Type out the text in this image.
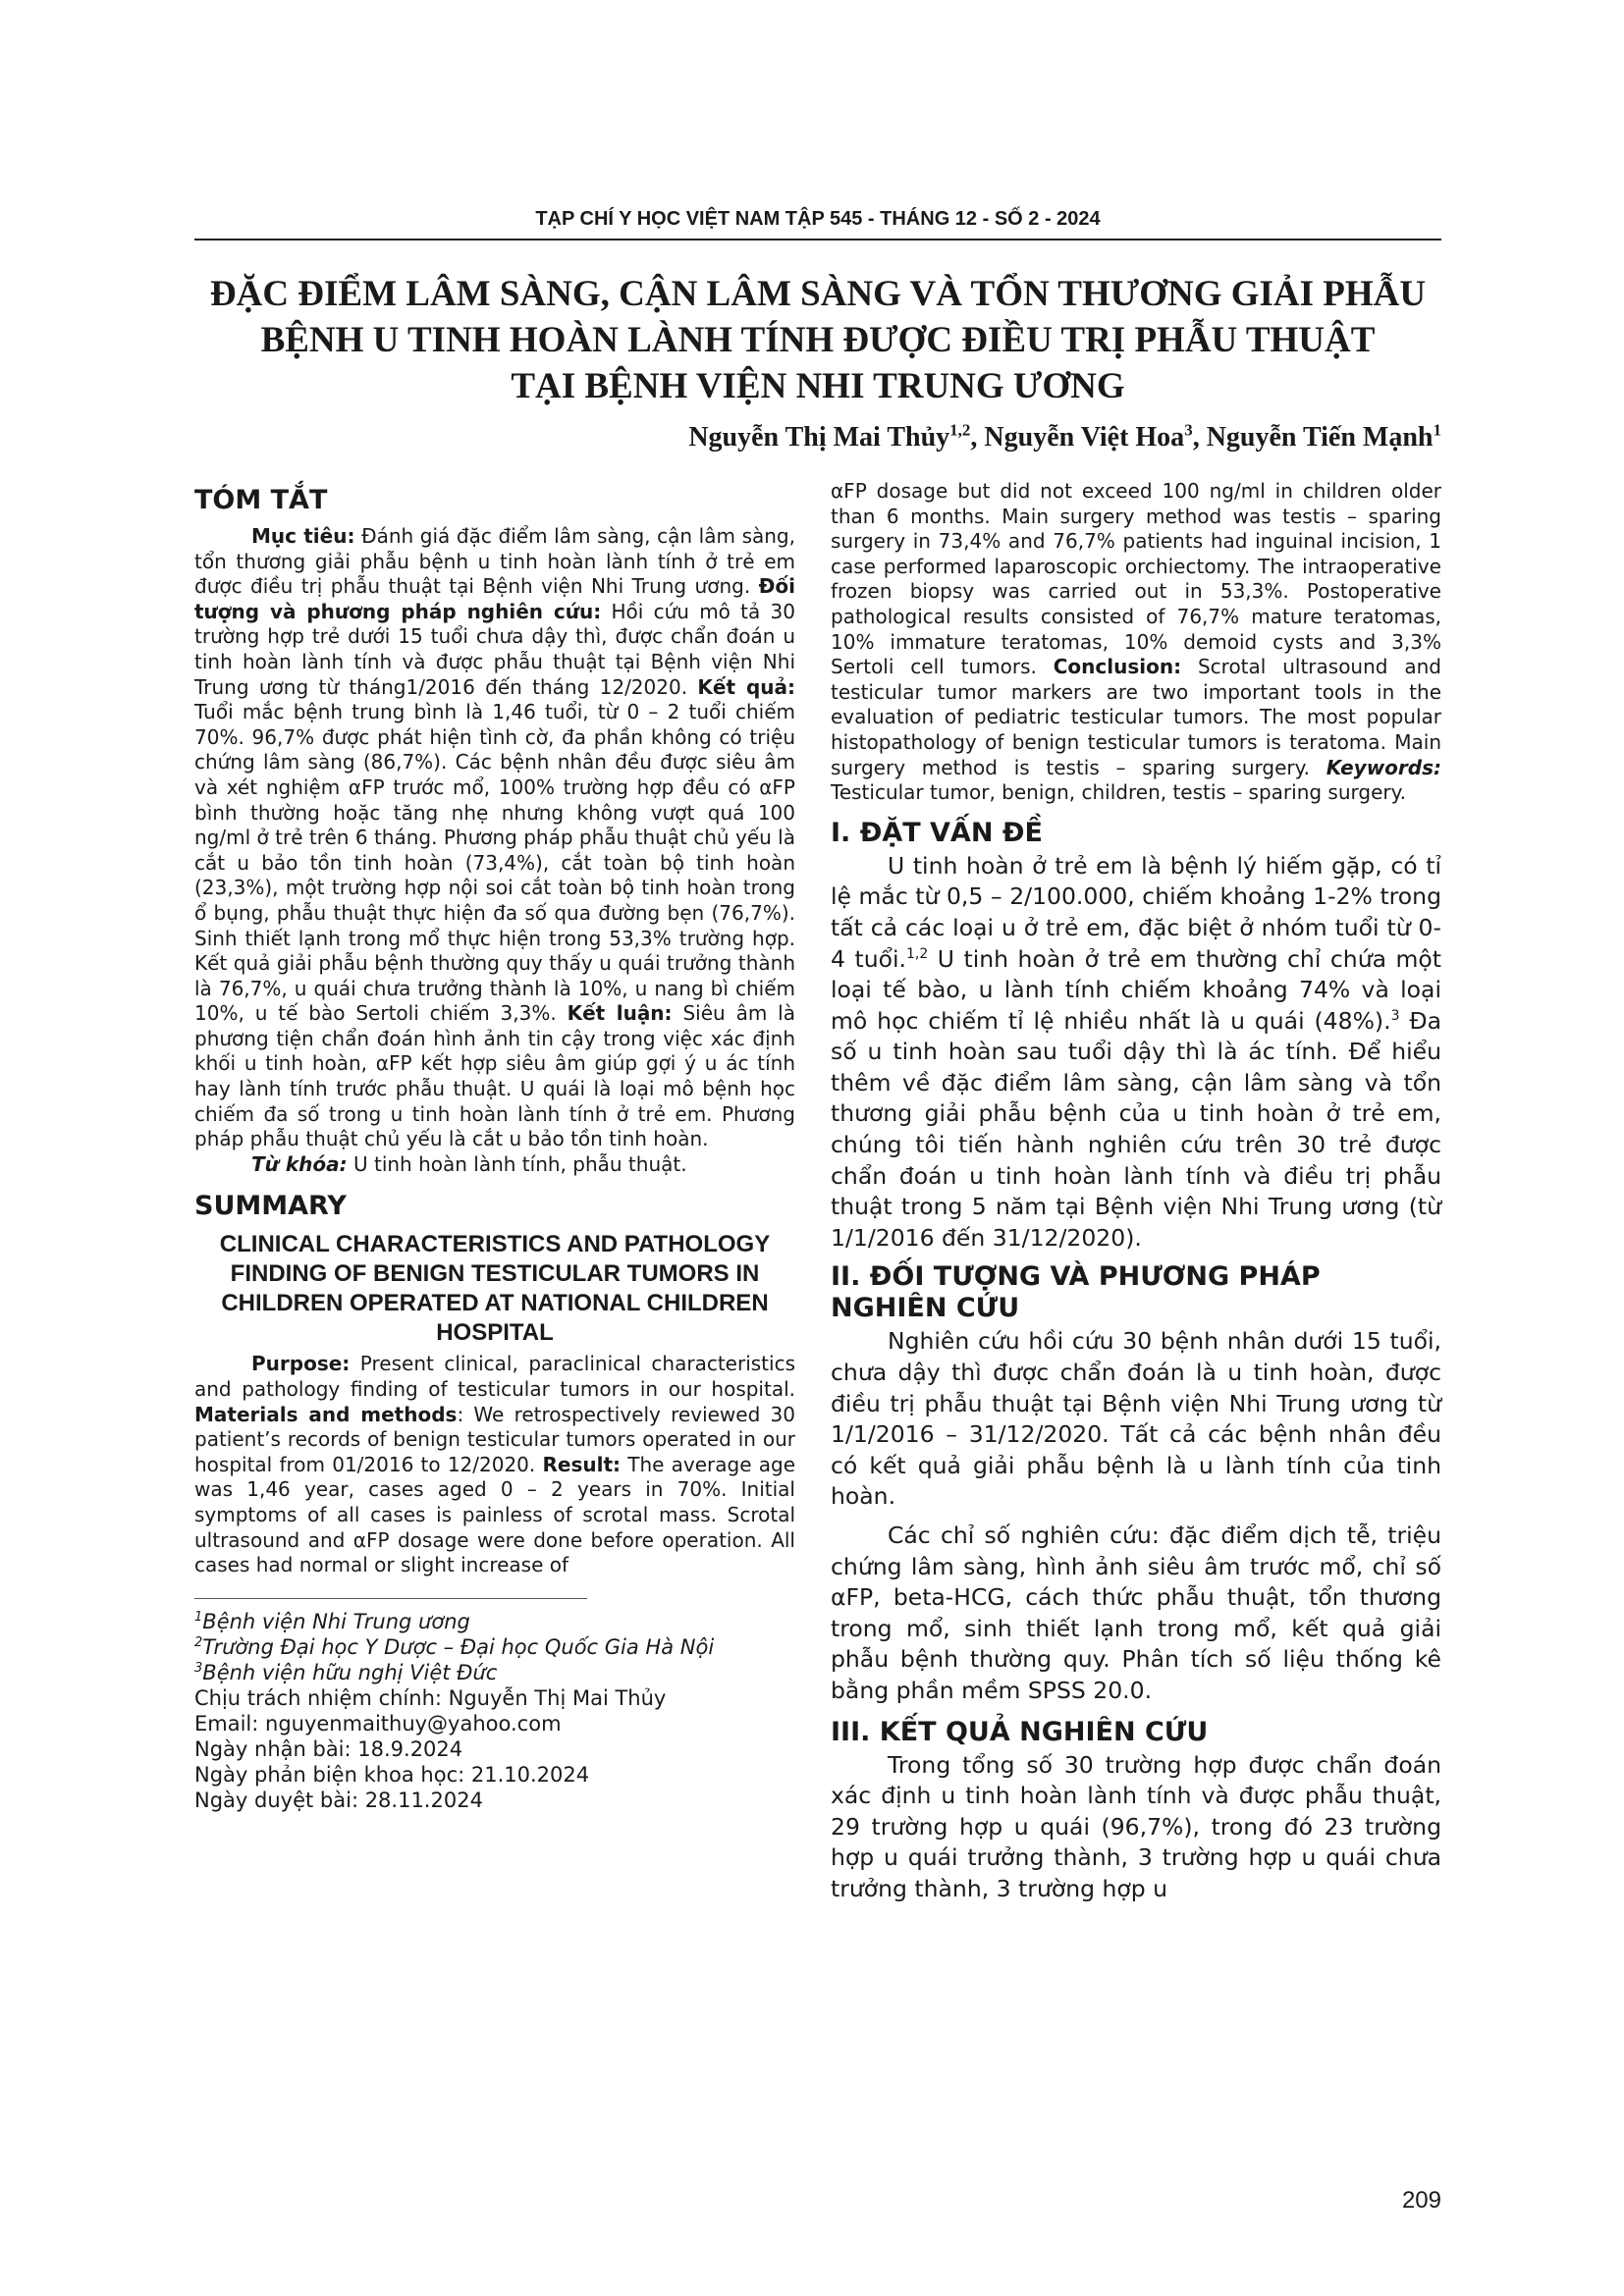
TẠP CHÍ Y HỌC VIỆT NAM TẬP 545 - THÁNG 12 - SỐ 2 - 2024
ĐẶC ĐIỂM LÂM SÀNG, CẬN LÂM SÀNG VÀ TỔN THƯƠNG GIẢI PHẪU
BỆNH U TINH HOÀN LÀNH TÍNH ĐƯỢC ĐIỀU TRỊ PHẪU THUẬT
TẠI BỆNH VIỆN NHI TRUNG ƯƠNG
Nguyễn Thị Mai Thủy$^{1,2}$, Nguyễn Việt Hoa$^3$, Nguyễn Tiến Mạnh$^1$
TÓM TẮT

Mục tiêu: Đánh giá đặc điểm lâm sàng, cận lâm sàng, tổn thương giải phẫu bệnh u tinh hoàn lành tính ở trẻ em được điều trị phẫu thuật tại Bệnh viện Nhi Trung ương. Đối tượng và phương pháp nghiên cứu: Hồi cứu mô tả 30 trường hợp trẻ dưới 15 tuổi chưa dậy thì, được chẩn đoán u tinh hoàn lành tính và được phẫu thuật tại Bệnh viện Nhi Trung ương từ tháng1/2016 đến tháng 12/2020. Kết quả: Tuổi mắc bệnh trung bình là 1,46 tuổi, từ 0 – 2 tuổi chiếm 70%. 96,7% được phát hiện tình cờ, đa phần không có triệu chứng lâm sàng (86,7%). Các bệnh nhân đều được siêu âm và xét nghiệm αFP trước mổ, 100% trường hợp đều có αFP bình thường hoặc tăng nhẹ nhưng không vượt quá 100 ng/ml ở trẻ trên 6 tháng. Phương pháp phẫu thuật chủ yếu là cắt u bảo tồn tinh hoàn (73,4%), cắt toàn bộ tinh hoàn (23,3%), một trường hợp nội soi cắt toàn bộ tinh hoàn trong ổ bụng, phẫu thuật thực hiện đa số qua đường bẹn (76,7%). Sinh thiết lạnh trong mổ thực hiện trong 53,3% trường hợp. Kết quả giải phẫu bệnh thường quy thấy u quái trưởng thành là 76,7%, u quái chưa trưởng thành là 10%, u nang bì chiếm 10%, u tế bào Sertoli chiếm 3,3%. Kết luận: Siêu âm là phương tiện chẩn đoán hình ảnh tin cậy trong việc xác định khối u tinh hoàn, αFP kết hợp siêu âm giúp gợi ý u ác tính hay lành tính trước phẫu thuật. U quái là loại mô bệnh học chiếm đa số trong u tinh hoàn lành tính ở trẻ em. Phương pháp phẫu thuật chủ yếu là cắt u bảo tồn tinh hoàn.

Từ khóa: U tinh hoàn lành tính, phẫu thuật.

SUMMARY
CLINICAL CHARACTERISTICS AND PATHOLOGY FINDING OF BENIGN TESTICULAR TUMORS IN CHILDREN OPERATED AT NATIONAL CHILDREN HOSPITAL

Purpose: Present clinical, paraclinical characteristics and pathology finding of testicular tumors in our hospital. Materials and methods: We retrospectively reviewed 30 patient’s records of benign testicular tumors operated in our hospital from 01/2016 to 12/2020. Result: The average age was 1,46 year, cases aged 0 – 2 years in 70%. Initial symptoms of all cases is painless of scrotal mass. Scrotal ultrasound and αFP dosage were done before operation. All cases had normal or slight increase of

$^1$Bệnh viện Nhi Trung ương

$^2$Trường Đại học Y Dược – Đại học Quốc Gia Hà Nội

$^3$Bệnh viện hữu nghị Việt Đức

Chịu trách nhiệm chính: Nguyễn Thị Mai Thủy

Email: nguyenmaithuy@yahoo.com

Ngày nhận bài: 18.9.2024

Ngày phản biện khoa học: 21.10.2024

Ngày duyệt bài: 28.11.2024

αFP dosage but did not exceed 100 ng/ml in children older than 6 months. Main surgery method was testis – sparing surgery in 73,4% and 76,7% patients had inguinal incision, 1 case performed laparoscopic orchiectomy. The intraoperative frozen biopsy was carried out in 53,3%. Postoperative pathological results consisted of 76,7% mature teratomas, 10% immature teratomas, 10% demoid cysts and 3,3% Sertoli cell tumors. Conclusion: Scrotal ultrasound and testicular tumor markers are two important tools in the evaluation of pediatric testicular tumors. The most popular histopathology of benign testicular tumors is teratoma. Main surgery method is testis – sparing surgery. Keywords: Testicular tumor, benign, children, testis – sparing surgery.

I. ĐẶT VẤN ĐỀ

U tinh hoàn ở trẻ em là bệnh lý hiếm gặp, có tỉ lệ mắc từ 0,5 – 2/100.000, chiếm khoảng 1-2% trong tất cả các loại u ở trẻ em, đặc biệt ở nhóm tuổi từ 0-4 tuổi.$^{1,2}$ U tinh hoàn ở trẻ em thường chỉ chứa một loại tế bào, u lành tính chiếm khoảng 74% và loại mô học chiếm tỉ lệ nhiều nhất là u quái (48%).$^3$ Đa số u tinh hoàn sau tuổi dậy thì là ác tính. Để hiểu thêm về đặc điểm lâm sàng, cận lâm sàng và tổn thương giải phẫu bệnh của u tinh hoàn ở trẻ em, chúng tôi tiến hành nghiên cứu trên 30 trẻ được chẩn đoán u tinh hoàn lành tính và điều trị phẫu thuật trong 5 năm tại Bệnh viện Nhi Trung ương (từ 1/1/2016 đến 31/12/2020).

II. ĐỐI TƯỢNG VÀ PHƯƠNG PHÁP NGHIÊN CỨU

Nghiên cứu hồi cứu 30 bệnh nhân dưới 15 tuổi, chưa dậy thì được chẩn đoán là u tinh hoàn, được điều trị phẫu thuật tại Bệnh viện Nhi Trung ương từ 1/1/2016 – 31/12/2020. Tất cả các bệnh nhân đều có kết quả giải phẫu bệnh là u lành tính của tinh hoàn.

Các chỉ số nghiên cứu: đặc điểm dịch tễ, triệu chứng lâm sàng, hình ảnh siêu âm trước mổ, chỉ số αFP, beta-HCG, cách thức phẫu thuật, tổn thương trong mổ, sinh thiết lạnh trong mổ, kết quả giải phẫu bệnh thường quy. Phân tích số liệu thống kê bằng phần mềm SPSS 20.0.

III. KẾT QUẢ NGHIÊN CỨU

Trong tổng số 30 trường hợp được chẩn đoán xác định u tinh hoàn lành tính và được phẫu thuật, 29 trường hợp u quái (96,7%), trong đó 23 trường hợp u quái trưởng thành, 3 trường hợp u quái chưa trưởng thành, 3 trường hợp u

209
